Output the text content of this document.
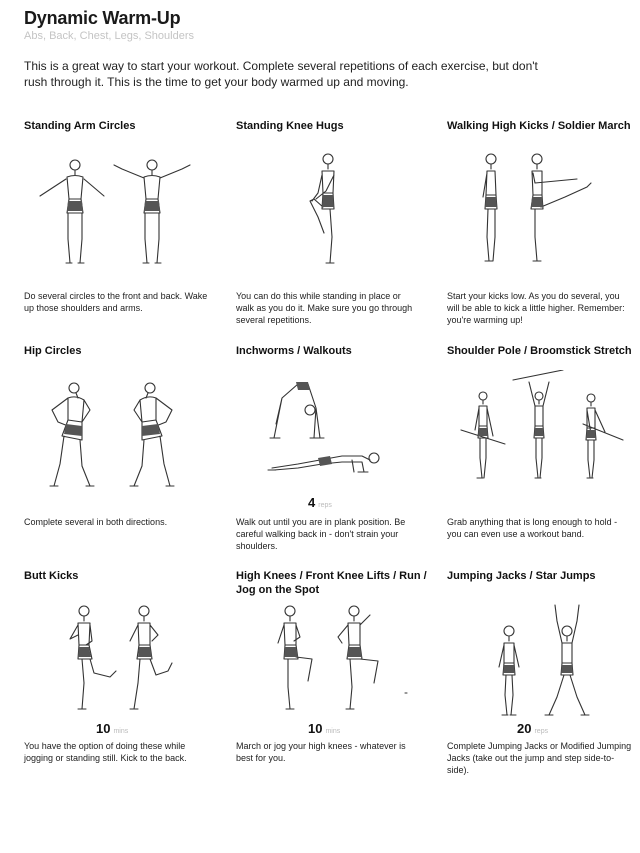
Dynamic Warm-Up
Abs, Back, Chest, Legs, Shoulders
This is a great way to start your workout. Complete several repetitions of each exercise, but don't rush through it. This is the time to get your body warmed up and moving.
Standing Arm Circles

Do several circles to the front and back. Wake up those shoulders and arms.

Standing Knee Hugs

You can do this while standing in place or walk as you do it. Make sure you go through several repetitions.

Walking High Kicks / Soldier March

Start your kicks low. As you do several, you will be able to kick a little higher. Remember: you're warming up!

Hip Circles

Complete several in both directions.

Inchworms / Walkouts
4 reps

Walk out until you are in plank position. Be careful walking back in - don't strain your shoulders.

Shoulder Pole / Broomstick Stretch

Grab anything that is long enough to hold - you can even use a workout band.

Butt Kicks
10 mins

You have the option of doing these while jogging or standing still. Kick to the back.

High Knees / Front Knee Lifts / Run / Jog on the Spot
10 mins

March or jog your high knees - whatever is best for you.

Jumping Jacks / Star Jumps
20 reps

Complete Jumping Jacks or Modified Jumping Jacks (take out the jump and step side-to-side).
